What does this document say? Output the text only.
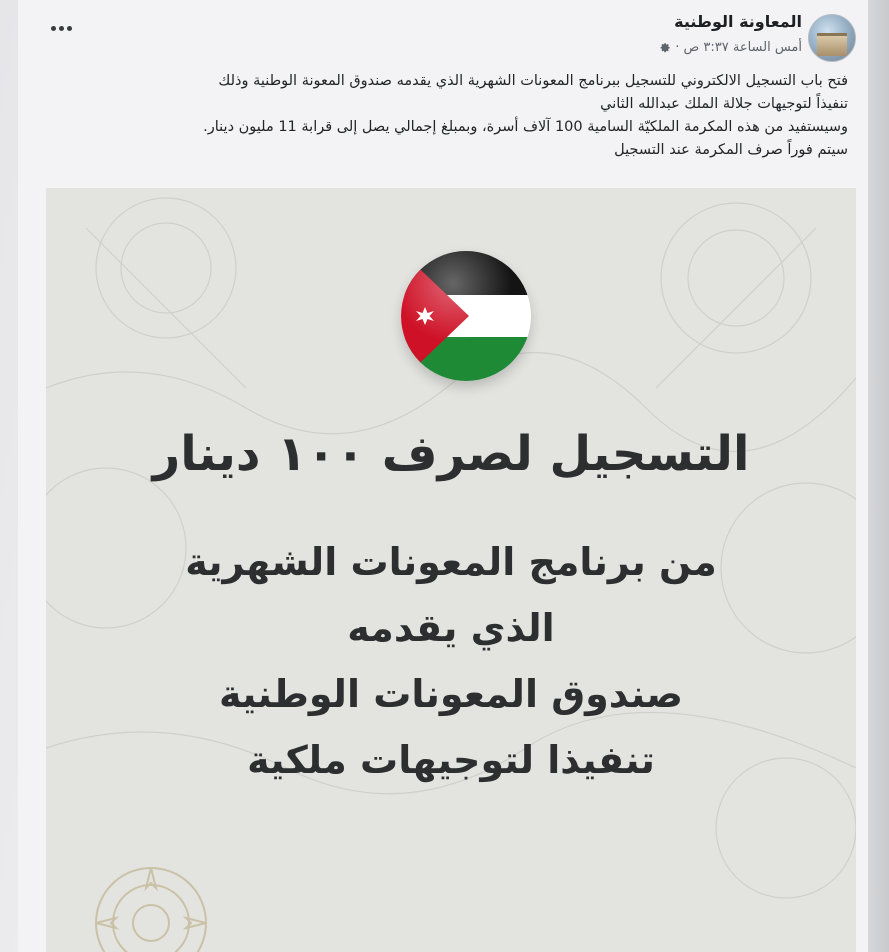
المعاونة الوطنية
أمس الساعة ٣:٣٧ ص ·

فتح باب التسجيل الالكتروني للتسجيل ببرنامج المعونات الشهرية الذي يقدمه صندوق المعونة الوطنية وذلك

تنفيذاً لتوجيهات جلالة الملك عبدالله الثاني

وسيستفيد من هذه المكرمة الملكيّة السامية 100 آلاف أسرة، وبمبلغ إجمالي يصل إلى قرابة 11 مليون دينار.

سيتم فوراً صرف المكرمة عند التسجيل

التسجيل لصرف ١٠٠ دينار
من برنامج المعونات الشهرية
الذي يقدمه
صندوق المعونات الوطنية
تنفيذا لتوجيهات ملكية
